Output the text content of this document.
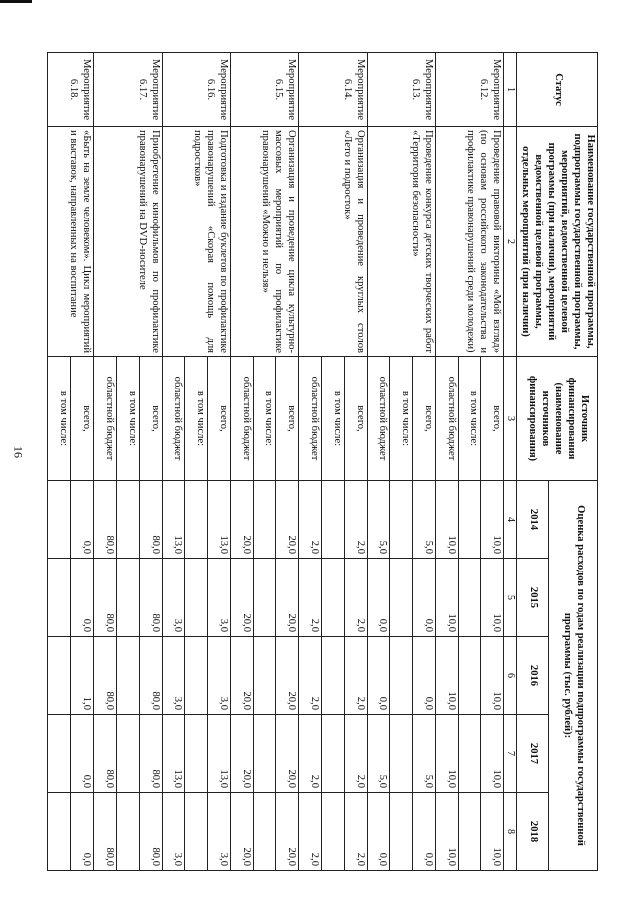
16
Статус	Наименование государственной программы, подпрограммы государственной программы, мероприятий, ведомственной целевой программы (при наличии), мероприятий ведомственной целевой программы, отдельных мероприятий (при наличии)	Источник финансирования (наименование источников финансирования)	Оценка расходов по годам реализации подпрограммы государственной программы (тыс. рублей):				
			2014	2015	2016	2017	2018
1	2	3	4	5	6	7	8
Мероприятие 6.12.	Проведение правовой викторины «Мой взгляд» (по основам российского законодательства и профилактике правонарушений среди молодежи)	всего,	10,0	10,0	10,0	10,0	10,0
		в том числе:					
		областной бюджет	10,0	10,0	10,0	10,0	10,0
Мероприятие 6.13.	Проведение конкурса детских творческих работ «Территория безопасности»	всего,	5,0	0,0	0,0	5,0	0,0
		в том числе:					
		областной бюджет	5,0	0,0	0,0	5,0	0,0
Мероприятие 6.14.	Организация и проведение круглых столов «Лето и подросток»	всего,	2,0	2,0	2,0	2,0	2,0
		в том числе:					
		областной бюджет	2,0	2,0	2,0	2,0	2,0
Мероприятие 6.15.	Организация и проведение цикла культурно-массовых мероприятий по профилактике правонарушений «Можно и нельзя»	всего,	20,0	20,0	20,0	20,0	20,0
		в том числе:					
		областной бюджет	20,0	20,0	20,0	20,0	20,0
Мероприятие 6.16.	Подготовка и издание буклетов по профилактике правонарушений «Скорая помощь для подростков»	всего,	13,0	3,0	3,0	13,0	3,0
		в том числе:					
		областной бюджет	13,0	3,0	3,0	13,0	3,0
Мероприятие 6.17.	Приобретение кинофильмов по профилактике правонарушений на DVD-носителе	всего,	80,0	80,0	80,0	80,0	80,0
		в том числе:					
		областной бюджет	80,0	80,0	80,0	80,0	80,0
Мероприятие 6.18.	«Быть на земле человеком». Цикл мероприятий и выставок, направленных на воспитание	всего,	0,0	0,0	1,0	0,0	0,0
		в том числе:					
